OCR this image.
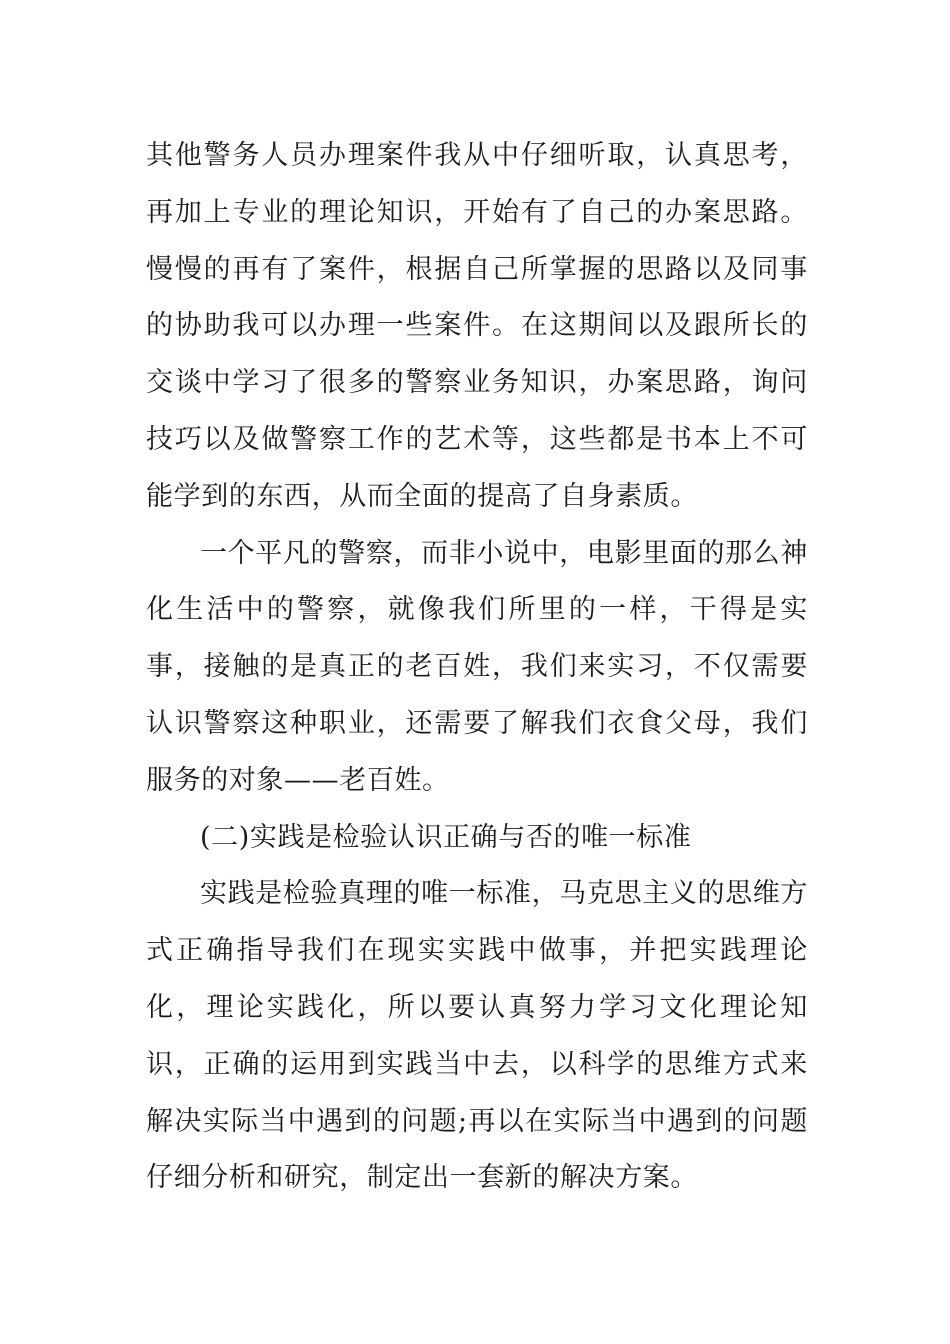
其他警务人员办理案件我从中仔细听取，认真思考，再加上专业的理论知识，开始有了自己的办案思路。慢慢的再有了案件，根据自己所掌握的思路以及同事的协助我可以办理一些案件。在这期间以及跟所长的交谈中学习了很多的警察业务知识，办案思路，询问技巧以及做警察工作的艺术等，这些都是书本上不可能学到的东西，从而全面的提高了自身素质。

一个平凡的警察，而非小说中，电影里面的那么神化生活中的警察，就像我们所里的一样，干得是实事，接触的是真正的老百姓，我们来实习，不仅需要认识警察这种职业，还需要了解我们衣食父母，我们服务的对象——老百姓。

(二)实践是检验认识正确与否的唯一标准

实践是检验真理的唯一标准，马克思主义的思维方式正确指导我们在现实实践中做事，并把实践理论化，理论实践化，所以要认真努力学习文化理论知识，正确的运用到实践当中去，以科学的思维方式来解决实际当中遇到的问题;再以在实际当中遇到的问题仔细分析和研究，制定出一套新的解决方案。
